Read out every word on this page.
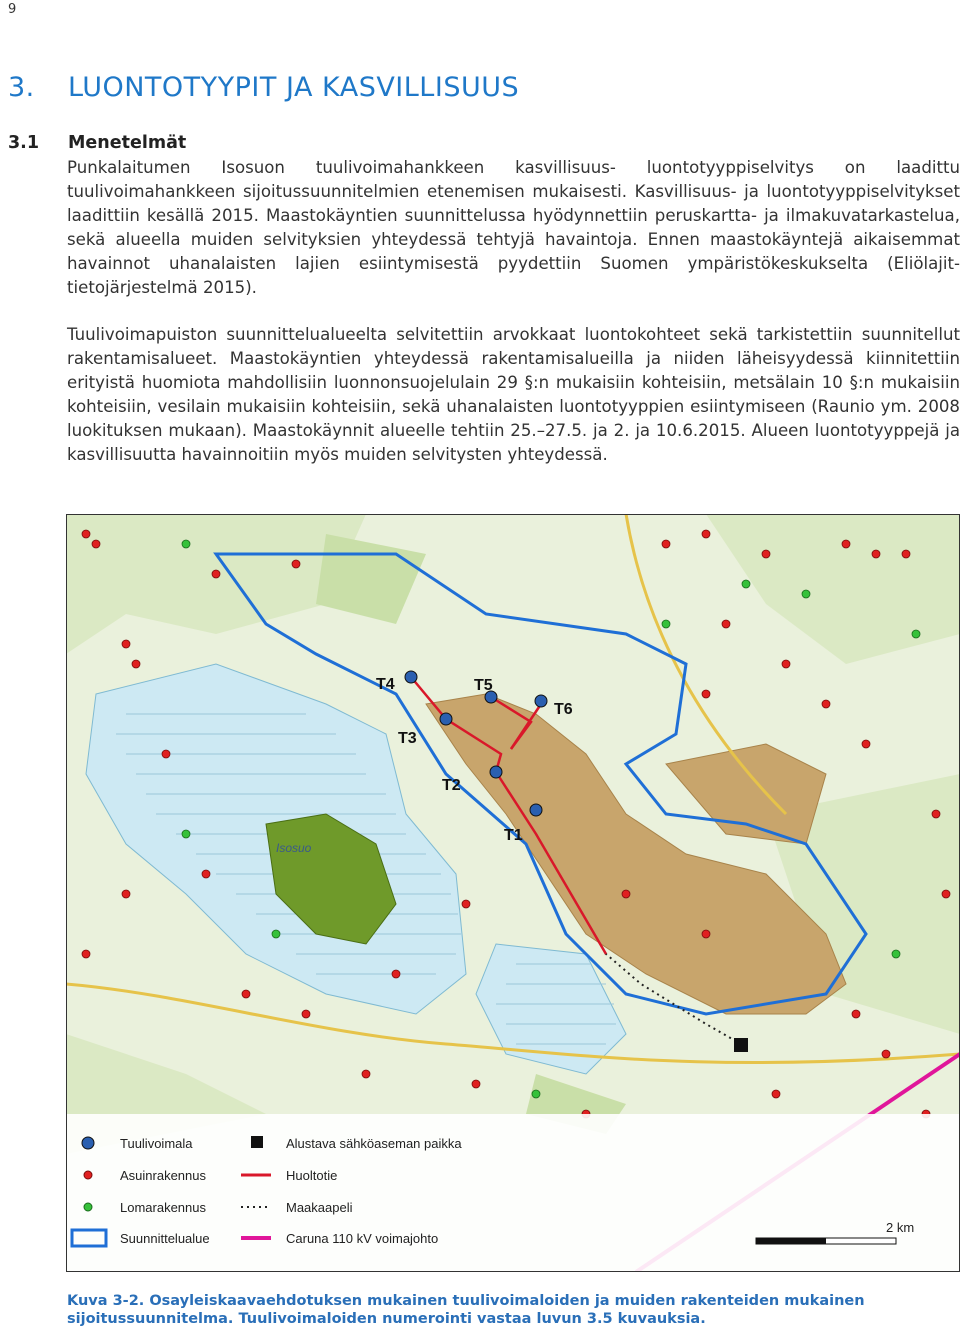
9
3. LUONTOTYYPIT JA KASVILLISUUS
3.1 Menetelmät
Punkalaitumen Isosuon tuulivoimahankkeen kasvillisuus- luontotyyppiselvitys on laadittu tuulivoimahankkeen sijoitussuunnitelmien etenemisen mukaisesti. Kasvillisuus- ja luontotyyppiselvitykset laadittiin kesällä 2015. Maastokäyntien suunnittelussa hyödynnettiin peruskartta- ja ilmakuvatarkastelua, sekä alueella muiden selvityksien yhteydessä tehtyjä havaintoja. Ennen maastokäyntejä aikaisemmat havainnot uhanalaisten lajien esiintymisestä pyydettiin Suomen ympäristökeskukselta (Eliölajit-tietojärjestelmä 2015).
Tuulivoimapuiston suunnittelualueelta selvitettiin arvokkaat luontokohteet sekä tarkistettiin suunnitellut rakentamisalueet. Maastokäyntien yhteydessä rakentamisalueilla ja niiden läheisyydessä kiinnitettiin erityistä huomiota mahdollisiin luonnonsuojelulain 29 §:n mukaisiin kohteisiin, metsälain 10 §:n mukaisiin kohteisiin, vesilain mukaisiin kohteisiin, sekä uhanalaisten luontotyyppien esiintymiseen (Raunio ym. 2008 luokituksen mukaan). Maastokäynnit alueelle tehtiin 25.–27.5. ja 2. ja 10.6.2015. Alueen luontotyyppejä ja kasvillisuutta havainnoitiin myös muiden selvitysten yhteydessä.
Isosuo
T1
T2
T3
T4	T5
T6
Tuulivoimala	Alustava sähköaseman paikka
Asuinrakennus	Huoltotie
Lomarakennus	Maakaapeli
Suunnittelualue	Caruna 110 kV voimajohto
2 km
Kuva 3-2. Osayleiskaavaehdotuksen mukainen tuulivoimaloiden ja muiden rakenteiden mukainen sijoitussuunnitelma. Tuulivoimaloiden numerointi vastaa luvun 3.5 kuvauksia.
